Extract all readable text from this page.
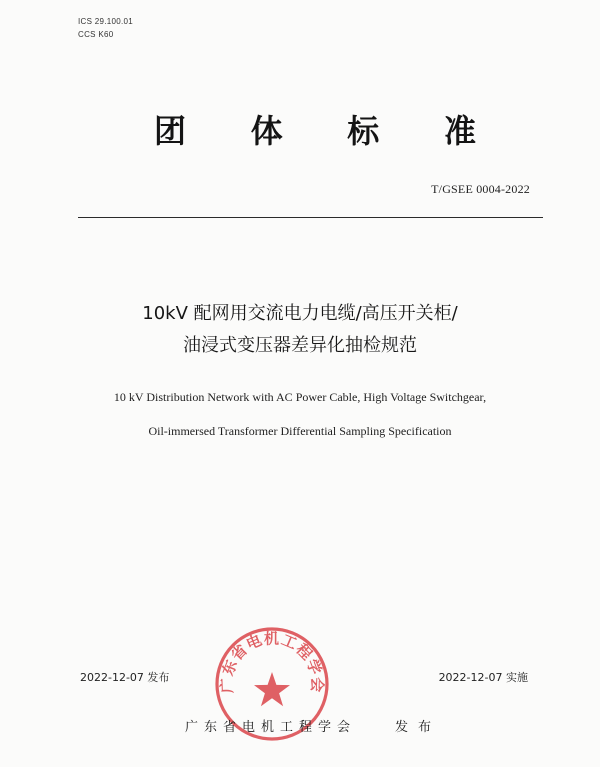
ICS 29.100.01
CCS K60
团 体 标 准
T/GSEE 0004-2022
10kV 配网用交流电力电缆/高压开关柜/
油浸式变压器差异化抽检规范
10 kV Distribution Network with AC Power Cable, High Voltage Switchgear,
Oil-immersed Transformer Differential Sampling Specification
2022-12-07 发布	2022-12-07 实施
广东省电机工程学会
广东省电机工程学会	发布
